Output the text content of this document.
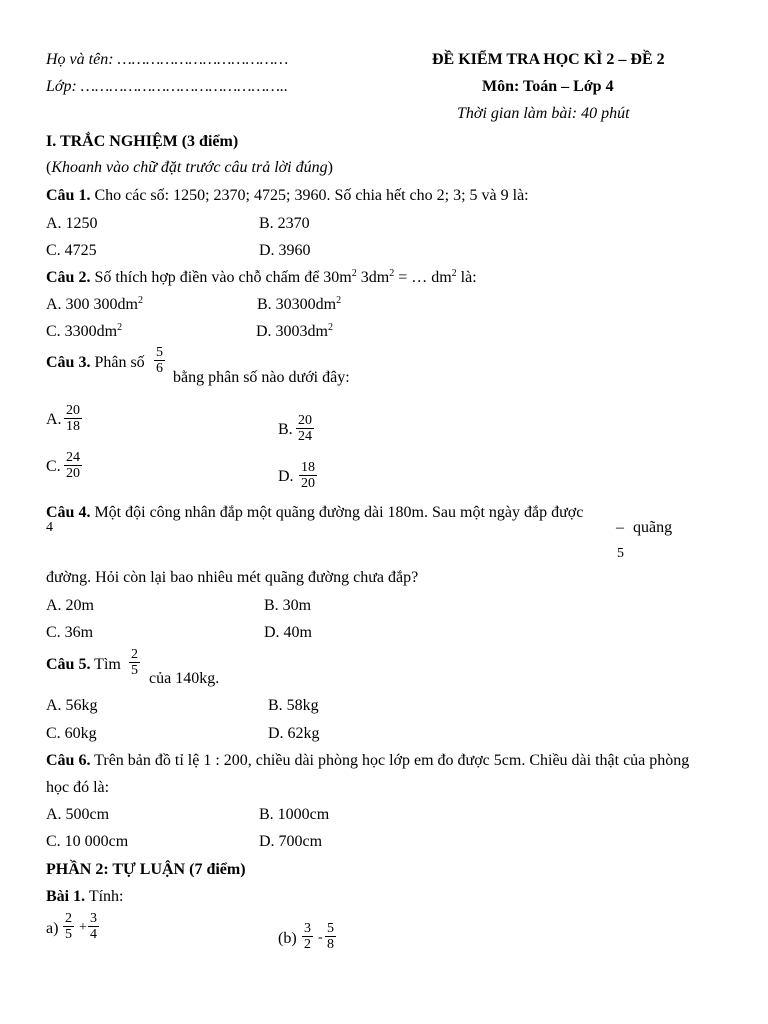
Họ và tên: ………………………………
Lớp: ……………………………………..
ĐỀ KIỂM TRA HỌC KÌ 2 – ĐỀ 2
Môn: Toán – Lớp 4
Thời gian làm bài: 40 phút
I. TRẮC NGHIỆM (3 điểm)
(Khoanh vào chữ đặt trước câu trả lời đúng)
Câu 1. Cho các số: 1250; 2370; 4725; 3960. Số chia hết cho 2; 3; 5 và 9 là:
A. 1250	B. 2370
C. 4725	D. 3960
Câu 2. Số thích hợp điền vào chỗ chấm để $30m^2$ $3dm^2$ = … $dm^2$ là:
A. 300 $300dm^2$	B. $30300dm^2$
C. $3300dm^2$	D. $3003dm^2$
Câu 3. Phân số $\frac{5}{6}$
bằng phân số nào dưới đây:
A. $\frac{20}{18}$	B. $\frac{20}{24}$
C. $\frac{24}{20}$	D. $\frac{18}{20}$
Câu 4. Một đội công nhân đắp một quãng đường dài 180m. Sau một ngày đắp được
4	– quãng
5
đường. Hỏi còn lại bao nhiêu mét quãng đường chưa đắp?
A. 20m	B. 30m
C. 36m	D. 40m
Câu 5. Tìm $\frac{2}{5}$
của 140kg.
A. 56kg	B. 58kg
C. 60kg	D. 62kg
Câu 6. Trên bản đồ tỉ lệ 1 : 200, chiều dài phòng học lớp em đo được 5cm. Chiều dài thật của phòng
học đó là:
A. 500cm	B. 1000cm
C. 10 000cm	D. 700cm
PHẦN 2: TỰ LUẬN (7 điểm)
Bài 1. Tính:
$a) \frac{2}{5} + \frac{3}{4}$	$(b) \frac{3}{2} - \frac{5}{8}$
